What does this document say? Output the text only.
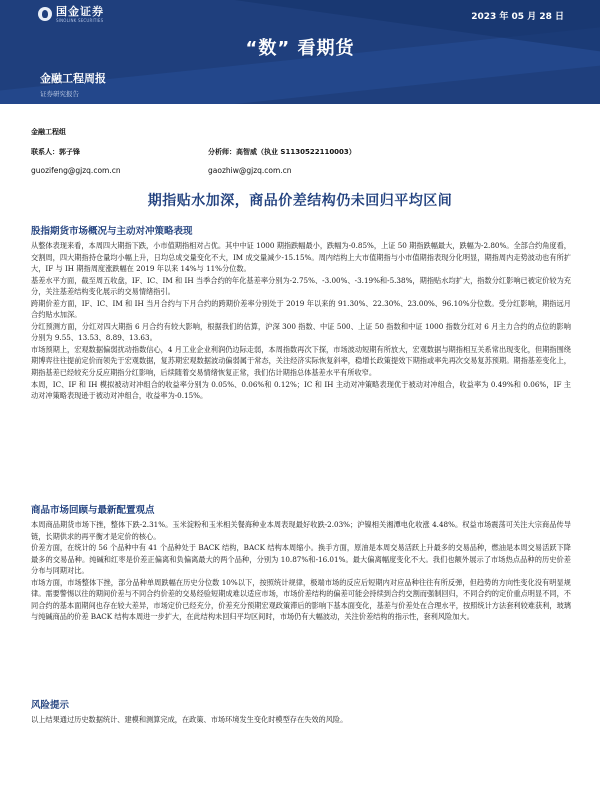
国金证券
SINOLINK SECURITIES	2023 年 05 月 28 日
“数” 看期货
金融工程周报
证券研究报告
金融工程组
联系人：郭子锋	分析师：高智威（执业 S1130522110003）
guozifeng@gjzq.com.cn	gaozhiw@gjzq.com.cn
期指贴水加深，商品价差结构仍未回归平均区间
股指期货市场概况与主动对冲策略表现

从整体表现来看，本周四大期指下跌，小市值期指相对占优。其中中证 1000 期指跌幅最小，跌幅为-0.85%，上证 50 期指跌幅最大，跌幅为-2.80%。全部合约角度看，交割周，四大期指持仓量均小幅上升，日均总成交量变化不大，IM 成交量减少-15.15%。周内结构上大市值期指与小市值期指表现分化明显，期指周内走势波动也有所扩大，IF 与 IH 期指周度涨跌幅在 2019 年以来 14%与 11%分位数。

基差水平方面，截至周五收盘，IF、IC、IM 和 IH 当季合约的年化基差率分别为-2.75%、-3.00%、-3.19%和-5.38%，期指贴水均扩大，指数分红影响已被定价较为充分，关注基差结构变化展示的交易情绪指引。

跨期价差方面，IF、IC、IM 和 IH 当月合约与下月合约的跨期价差率分别处于 2019 年以来的 91.30%、22.30%、23.00%、96.10%分位数。受分红影响，期指远月合约贴水加深。

分红预测方面，分红对四大期指 6 月合约有较大影响，根据我们的估算，沪深 300 指数、中证 500、上证 50 指数和中证 1000 指数分红对 6 月主力合约的点位的影响分别为 9.55、13.53、8.89、13.63。

市场预期上，宏观数据偏弱扰动指数信心，4 月工业企业利润仍边际走弱，本周指数再次下探，市场波动短期有所放大，宏观数据与期指相互关系常出现变化，但期指围绕期博弈往往提前定价而领先于宏观数据，复苏期宏观数据波动偏弱属于常态，关注经济实际恢复斜率，稳增长政策提效下期指或率先再次交易复苏预期。期指基差变化上，期指基差已经较充分反应期指分红影响，后续随着交易情绪恢复正常，我们估计期指总体基差水平有所收窄。

本周，IC、IF 和 IH 模拟被动对冲组合的收益率分别为 0.05%、0.06%和 0.12%；IC 和 IH 主动对冲策略表现优于被动对冲组合，收益率为 0.49%和 0.06%，IF 主动对冲策略表现逊于被动对冲组合，收益率为-0.15%。

商品市场回顾与最新配置观点

本周商品期货市场下挫，整体下跌-2.31%。玉米淀粉和玉米相关餐海种业本周表现最好收跌-2.03%；沪镍相关湘潭电化收涨 4.48%。权益市场震荡可关注大宗商品传导链，长期供求的再平衡才是定价的核心。

价差方面，在统计的 56 个品种中有 41 个品种处于 BACK 结构，BACK 结构本周缩小。换手方面，原油是本周交易活跃上升最多的交易品种，燃油是本周交易活跃下降最多的交易品种。纯碱和红枣是价差正偏离和负偏离最大的两个品种，分别为 10.87%和-16.01%。最大偏离幅度变化不大。我们也额外展示了市场热点品种的历史价差分布与同期对比。

市场方面，市场整体下挫，部分品种单周跌幅在历史分位数 10%以下，按照统计规律，极端市场的反应后短期内对应品种往往有所反弹，但趋势的方向性变化没有明显规律。需要警惕以往的期间价差与不同合约价差的交易经验短期成难以适应市场，市场价差结构的偏差可能会持续到合约交割而强制回归，不同合约的定价重点明显不同，不同合约的基本面期间也存在较大差异，市场定价已经充分，价差充分预期宏观政策滞后的影响下基本面变化，基差与价差处在合理水平，按照统计方法套利较难获利，玻璃与纯碱商品的价差 BACK 结构本周进一步扩大，在此结构未回归平均区间时，市场仍有大幅波动，关注价差结构的指示性，套利风险加大。

风险提示

以上结果通过历史数据统计、建模和测算完成，在政策、市场环境发生变化时模型存在失效的风险。
